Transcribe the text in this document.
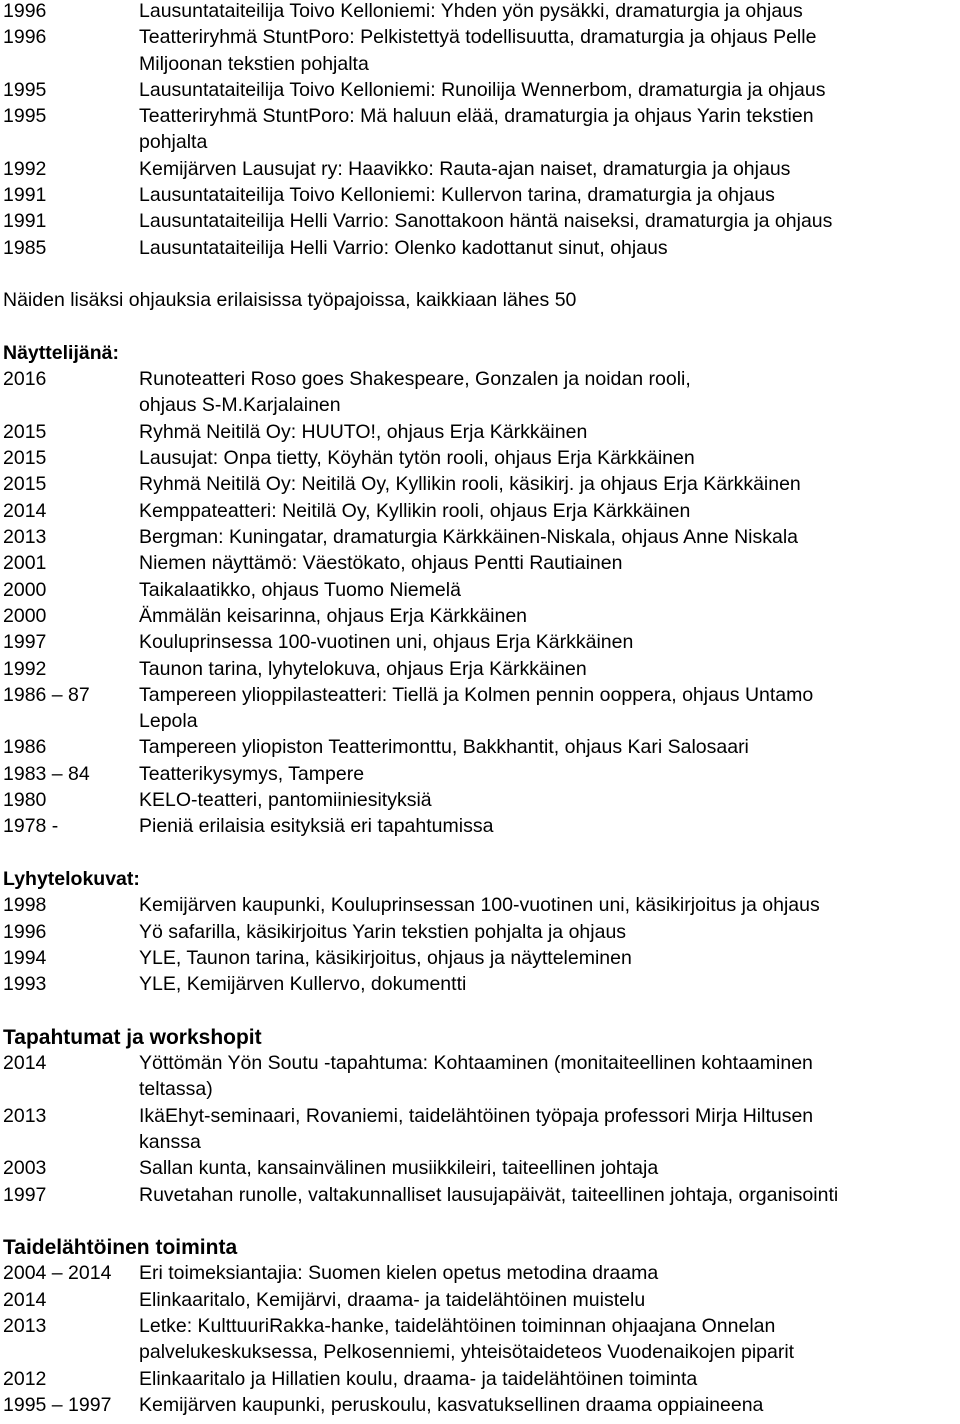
1996	Lausuntataiteilija Toivo Kelloniemi: Yhden yön pysäkki, dramaturgia ja ohjaus
1996	Teatteriryhmä StuntPoro: Pelkistettyä todellisuutta, dramaturgia ja ohjaus Pelle
Miljoonan tekstien pohjalta
1995	Lausuntataiteilija Toivo Kelloniemi: Runoilija Wennerbom, dramaturgia ja ohjaus
1995	Teatteriryhmä StuntPoro: Mä haluun elää, dramaturgia ja ohjaus Yarin tekstien
pohjalta
1992	Kemijärven Lausujat ry: Haavikko: Rauta-ajan naiset, dramaturgia ja ohjaus
1991	Lausuntataiteilija Toivo Kelloniemi: Kullervon tarina, dramaturgia ja ohjaus
1991	Lausuntataiteilija Helli Varrio: Sanottakoon häntä naiseksi, dramaturgia ja ohjaus
1985	Lausuntataiteilija Helli Varrio: Olenko kadottanut sinut, ohjaus
Näiden lisäksi ohjauksia erilaisissa työpajoissa, kaikkiaan lähes 50
Näyttelijänä:
2016	Runoteatteri Roso goes Shakespeare, Gonzalen ja noidan rooli,
ohjaus S-M.Karjalainen
2015	Ryhmä Neitilä Oy: HUUTO!, ohjaus Erja Kärkkäinen
2015	Lausujat: Onpa tietty, Köyhän tytön rooli, ohjaus Erja Kärkkäinen
2015	Ryhmä Neitilä Oy: Neitilä Oy, Kyllikin rooli, käsikirj. ja ohjaus Erja Kärkkäinen
2014	Kemppateatteri: Neitilä Oy, Kyllikin rooli, ohjaus Erja Kärkkäinen
2013	Bergman: Kuningatar, dramaturgia Kärkkäinen-Niskala, ohjaus Anne Niskala
2001	Niemen näyttämö: Väestökato, ohjaus Pentti Rautiainen
2000	Taikalaatikko, ohjaus Tuomo Niemelä
2000	Ämmälän keisarinna, ohjaus Erja Kärkkäinen
1997	Kouluprinsessa 100-vuotinen uni, ohjaus Erja Kärkkäinen
1992	Taunon tarina, lyhytelokuva, ohjaus Erja Kärkkäinen
1986 – 87	Tampereen ylioppilasteatteri: Tiellä ja Kolmen pennin ooppera, ohjaus Untamo
Lepola
1986	Tampereen yliopiston Teatterimonttu, Bakkhantit, ohjaus Kari Salosaari
1983 – 84	Teatterikysymys, Tampere
1980	KELO-teatteri, pantomiiniesityksiä
1978 -	Pieniä erilaisia esityksiä eri tapahtumissa
Lyhytelokuvat:
1998	Kemijärven kaupunki, Kouluprinsessan 100-vuotinen uni, käsikirjoitus ja ohjaus
1996	Yö safarilla, käsikirjoitus Yarin tekstien pohjalta ja ohjaus
1994	YLE, Taunon tarina, käsikirjoitus, ohjaus ja näytteleminen
1993	YLE, Kemijärven Kullervo, dokumentti
Tapahtumat ja workshopit
2014	Yöttömän Yön Soutu -tapahtuma: Kohtaaminen (monitaiteellinen kohtaaminen
teltassa)
2013	IkäEhyt-seminaari, Rovaniemi, taidelähtöinen työpaja professori Mirja Hiltusen
kanssa
2003	Sallan kunta, kansainvälinen musiikkileiri, taiteellinen johtaja
1997	Ruvetahan runolle, valtakunnalliset lausujapäivät, taiteellinen johtaja, organisointi
Taidelähtöinen toiminta
2004 – 2014 Eri toimeksiantajia: Suomen kielen opetus metodina draama
2014	Elinkaaritalo, Kemijärvi, draama- ja taidelähtöinen muistelu
2013	Letke: KulttuuriRakka-hanke, taidelähtöinen toiminnan ohjaajana Onnelan
palvelukeskuksessa, Pelkosenniemi, yhteisötaideteos Vuodenaikojen piparit
2012	Elinkaaritalo ja Hillatien koulu, draama- ja taidelähtöinen toiminta
1995 – 1997 Kemijärven kaupunki, peruskoulu, kasvatuksellinen draama oppiaineena
